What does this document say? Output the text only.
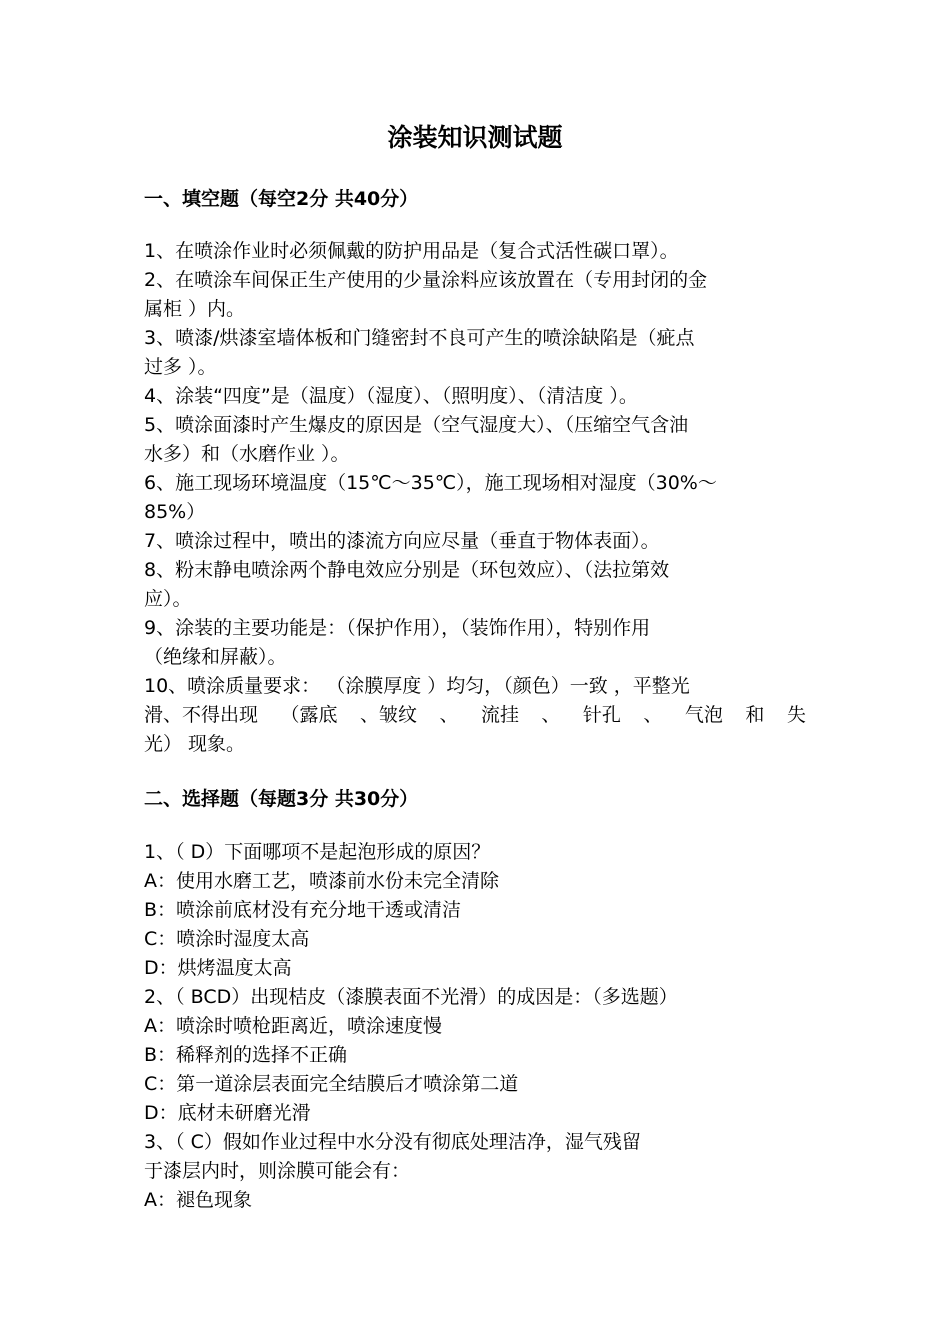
涂装知识测试题
一、填空题（每空2分 共40分）
1、在喷涂作业时必须佩戴的防护用品是（复合式活性碳口罩）。
2、在喷涂车间保正生产使用的少量涂料应该放置在（专用封闭的金
属柜 ）内。
3、喷漆/烘漆室墙体板和门缝密封不良可产生的喷涂缺陷是（疵点
过多 ）。
4、涂装“四度”是（温度）（湿度）、（照明度）、（清洁度 ）。
5、喷涂面漆时产生爆皮的原因是（空气湿度大）、（压缩空气含油
水多）和（水磨作业 ）。
6、施工现场环境温度（15℃～35℃），施工现场相对湿度（30%～
85%）
7、喷涂过程中，喷出的漆流方向应尽量（垂直于物体表面）。
8、粉末静电喷涂两个静电效应分别是（环包效应）、（法拉第效
应）。
9、涂装的主要功能是：（保护作用），（装饰作用），特别作用
（绝缘和屏蔽）。
10、喷涂质量要求： （涂膜厚度 ）均匀，（颜色）一致 ，平整光
滑、不得出现 （露底 、皱纹 、 流挂 、 针孔 、 气泡 和 失
光） 现象。
二、选择题（每题3分 共30分）
1、（ D）下面哪项不是起泡形成的原因？
A：使用水磨工艺，喷漆前水份未完全清除
B：喷涂前底材没有充分地干透或清洁
C：喷涂时湿度太高
D：烘烤温度太高
2、（ BCD）出现桔皮（漆膜表面不光滑）的成因是：（多选题）
A：喷涂时喷枪距离近，喷涂速度慢
B：稀释剂的选择不正确
C：第一道涂层表面完全结膜后才喷涂第二道
D：底材未研磨光滑
3、（ C）假如作业过程中水分没有彻底处理洁净，湿气残留
于漆层内时，则涂膜可能会有：
A：褪色现象
